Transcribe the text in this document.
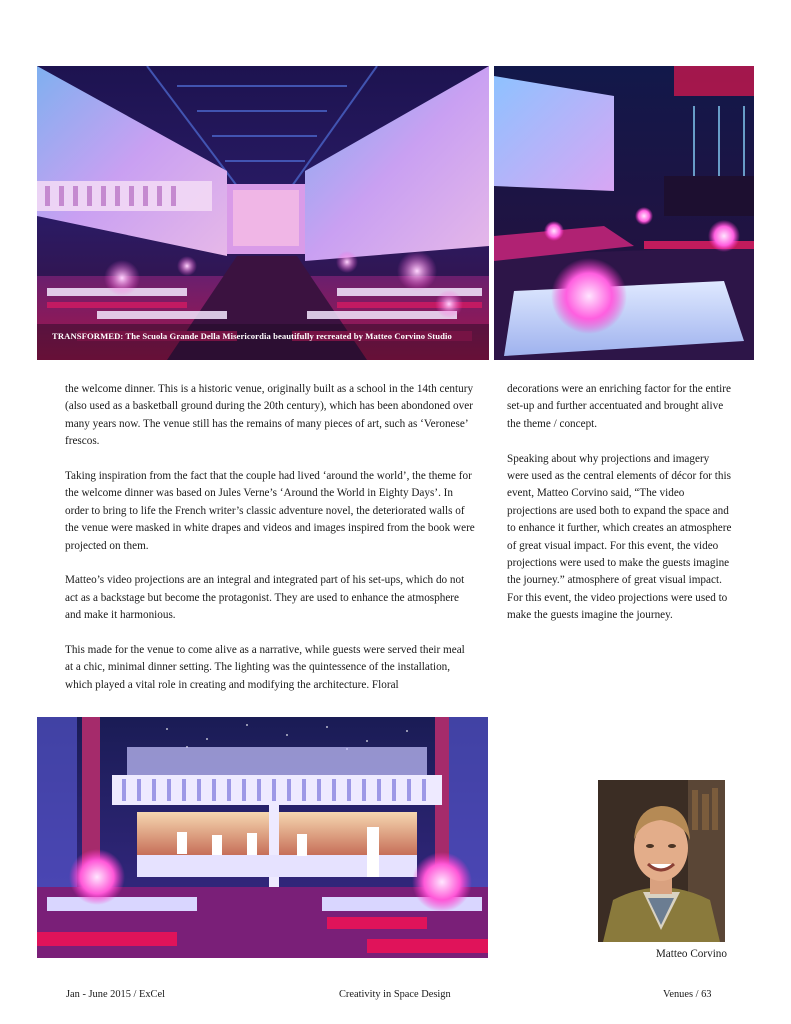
TRANSFORMED: The Scuola Grande Della Misericordia beautifully recreated by Matteo Corvino Studio

the welcome dinner. This is a historic venue, originally built as a school in the 14th century (also used as a basketball ground during the 20th century), which has been abondoned over many years now. The venue still has the remains of many pieces of art, such as ‘Veronese’ frescos.

Taking inspiration from the fact that the couple had lived ‘around the world’, the theme for the welcome dinner was based on Jules Verne’s ‘Around the World in Eighty Days’. In order to bring to life the French writer’s classic adventure novel, the deteriorated walls of the venue were masked in white drapes and videos and images inspired from the book were projected on them.

Matteo’s video projections are an integral and integrated part of his set-ups, which do not act as a backstage but become the protagonist. They are used to enhance the atmosphere and make it harmonious.

This made for the venue to come alive as a narrative, while guests were served their meal at a chic, minimal dinner setting. The lighting was the quintessence of the installation, which played a vital role in creating and modifying the architecture. Floral

decorations were an enriching factor for the entire set-up and further accentuated and brought alive the theme / concept.

Speaking about why projections and imagery were used as the central elements of décor for this event, Matteo Corvino said, “The video projections are used both to expand the space and to enhance it further, which creates an atmosphere of great visual impact. For this event, the video projections were used to make the guests imagine the journey.” atmosphere of great visual impact. For this event, the video projections were used to make the guests imagine the journey.

Matteo Corvino
Jan - June 2015 / ExCel	Creativity in Space Design	Venues / 63
